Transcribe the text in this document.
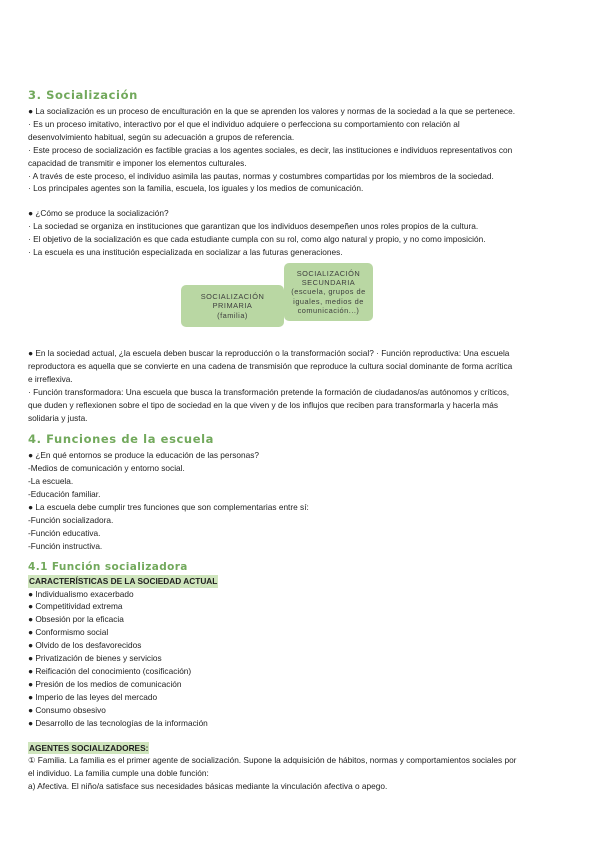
3. Socialización

● La socialización es un proceso de enculturación en la que se aprenden los valores y normas de la sociedad a la que se pertenece.

· Es un proceso imitativo, interactivo por el que el individuo adquiere o perfecciona su comportamiento con relación al

desenvolvimiento habitual, según su adecuación a grupos de referencia.

· Este proceso de socialización es factible gracias a los agentes sociales, es decir, las instituciones e individuos representativos con

capacidad de transmitir e imponer los elementos culturales.

· A través de este proceso, el individuo asimila las pautas, normas y costumbres compartidas por los miembros de la sociedad.

· Los principales agentes son la familia, escuela, los iguales y los medios de comunicación.

● ¿Cómo se produce la socialización?

· La sociedad se organiza en instituciones que garantizan que los individuos desempeñen unos roles propios de la cultura.

· El objetivo de la socialización es que cada estudiante cumpla con su rol, como algo natural y propio, y no como imposición.

· La escuela es una institución especializada en socializar a las futuras generaciones.

SOCIALIZACIÓN
PRIMARIA
(familia)
SOCIALIZACIÓN
SECUNDARIA
(escuela, grupos de
iguales, medios de
comunicación...)

● En la sociedad actual, ¿la escuela deben buscar la reproducción o la transformación social? · Función reproductiva: Una escuela

reproductora es aquella que se convierte en una cadena de transmisión que reproduce la cultura social dominante de forma acrítica

e irreflexiva.

· Función transformadora: Una escuela que busca la transformación pretende la formación de ciudadanos/as autónomos y críticos,

que duden y reflexionen sobre el tipo de sociedad en la que viven y de los influjos que reciben para transformarla y hacerla más

solidaria y justa.

4. Funciones de la escuela

● ¿En qué entornos se produce la educación de las personas?

-Medios de comunicación y entorno social.

-La escuela.

-Educación familiar.

● La escuela debe cumplir tres funciones que son complementarias entre sí:

-Función socializadora.

-Función educativa.

-Función instructiva.

4.1 Función socializadora

CARACTERÍSTICAS DE LA SOCIEDAD ACTUAL

● Individualismo exacerbado

● Competitividad extrema

● Obsesión por la eficacia

● Conformismo social

● Olvido de los desfavorecidos

● Privatización de bienes y servicios

● Reificación del conocimiento (cosificación)

● Presión de los medios de comunicación

● Imperio de las leyes del mercado

● Consumo obsesivo

● Desarrollo de las tecnologías de la información

AGENTES SOCIALIZADORES:

① Familia. La familia es el primer agente de socialización. Supone la adquisición de hábitos, normas y comportamientos sociales por

el individuo. La familia cumple una doble función:

a) Afectiva. El niño/a satisface sus necesidades básicas mediante la vinculación afectiva o apego.
